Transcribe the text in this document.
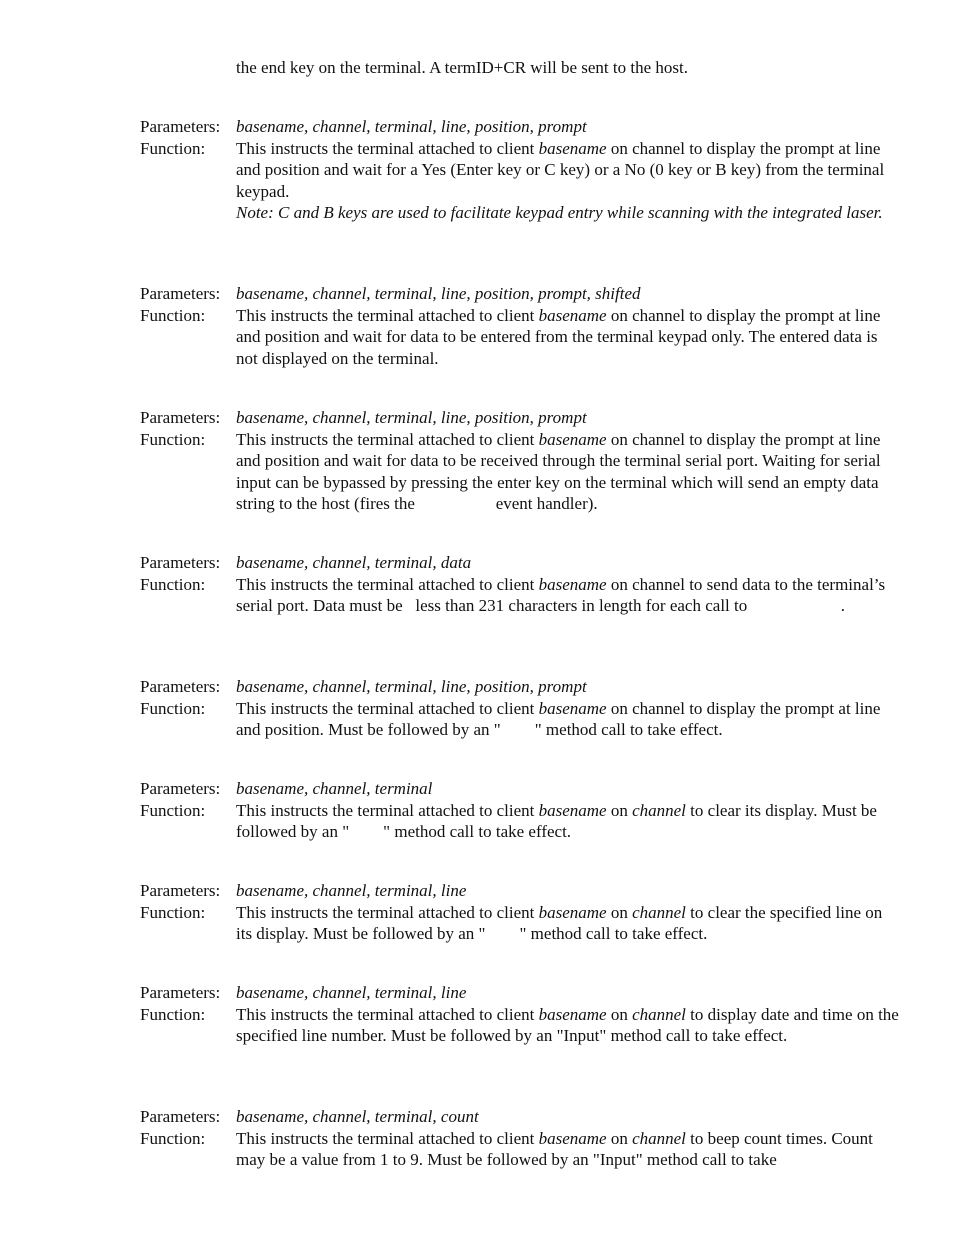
the end key on the terminal. A termID+CR will be sent to the host.
Parameters: basename, channel, terminal, line, position, prompt
Function:	This instructs the terminal attached to client basename on channel to display the prompt at line and position and wait for a Yes (Enter key or C key) or a No (0 key or B key) from the terminal keypad.
Note: C and B keys are used to facilitate keypad entry while scanning with the integrated laser.
Parameters: basename, channel, terminal, line, position, prompt, shifted
Function:	This instructs the terminal attached to client basename on channel to display the prompt at line and position and wait for data to be entered from the terminal keypad only. The entered data is not displayed on the terminal.
Parameters: basename, channel, terminal, line, position, prompt
Function:	This instructs the terminal attached to client basename on channel to display the prompt at line and position and wait for data to be received through the terminal serial port. Waiting for serial input can be bypassed by pressing the enter key on the terminal which will send an empty data string to the host (fires the                   event handler).
Parameters: basename, channel, terminal, data
Function:	This instructs the terminal attached to client basename on channel to send data to the terminal’s serial port. Data must be   less than 231 characters in length for each call to                      .
Parameters: basename, channel, terminal, line, position, prompt
Function:	This instructs the terminal attached to client basename on channel to display the prompt at line and position. Must be followed by an "        " method call to take effect.
Parameters: basename, channel, terminal
Function:	This instructs the terminal attached to client basename on channel to clear its display. Must be followed by an "        " method call to take effect.
Parameters: basename, channel, terminal, line
Function:	This instructs the terminal attached to client basename on channel to clear the specified line on its display. Must be followed by an "        " method call to take effect.
Parameters: basename, channel, terminal, line
Function:	This instructs the terminal attached to client basename on channel to display date and time on the specified line number. Must be followed by an "Input" method call to take effect.
Parameters: basename, channel, terminal, count
Function:	This instructs the terminal attached to client basename on channel to beep count times. Count may be a value from 1 to 9. Must be followed by an "Input" method call to take
